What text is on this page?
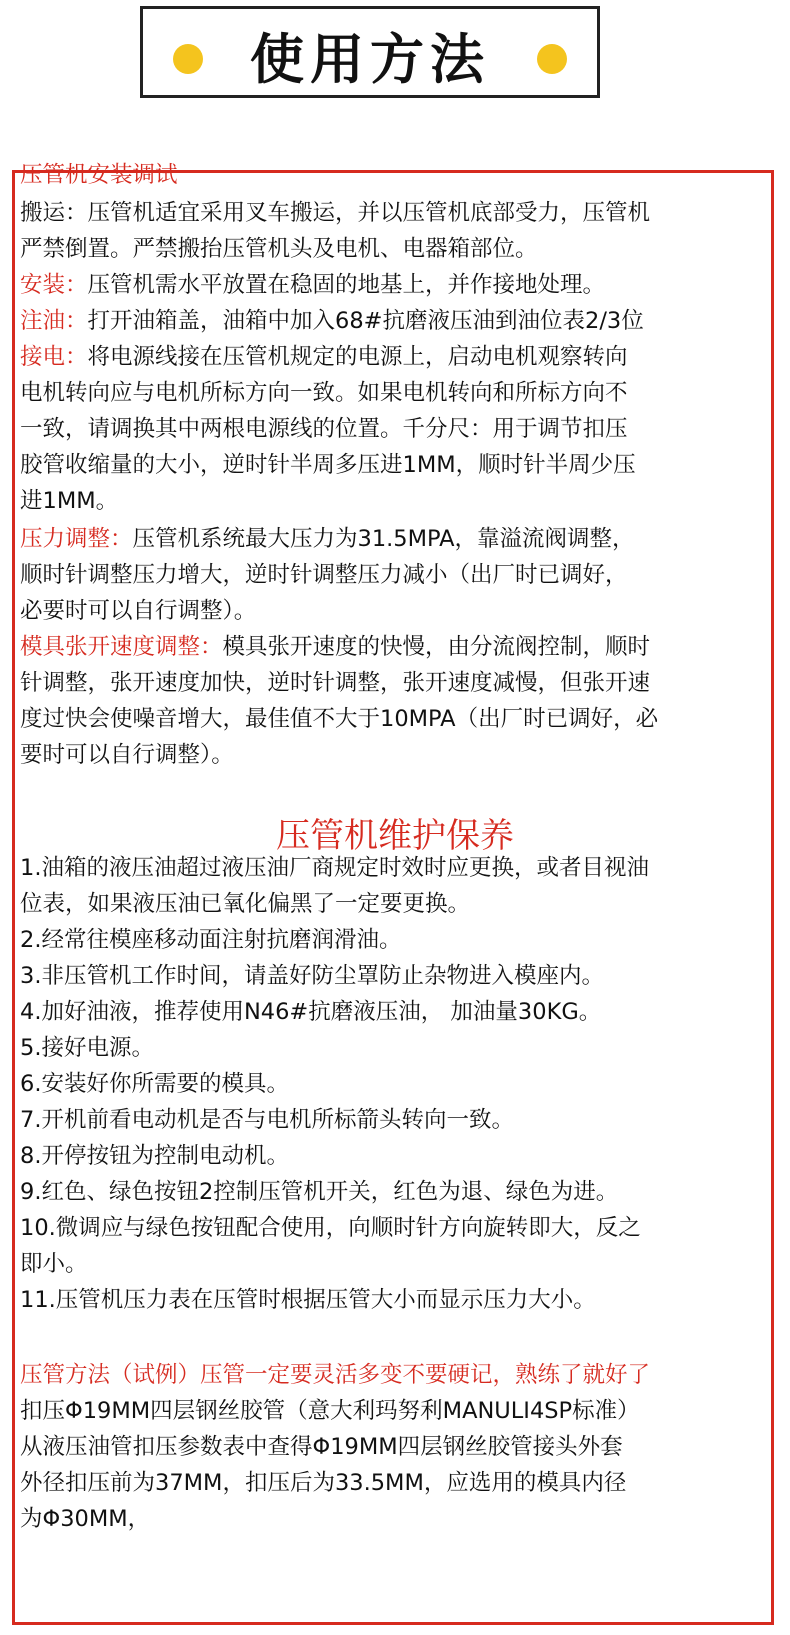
使用方法
压管机安装调试
搬运：压管机适宜采用叉车搬运，并以压管机底部受力，压管机
严禁倒置。严禁搬抬压管机头及电机、电器箱部位。
安装：压管机需水平放置在稳固的地基上，并作接地处理。
注油：打开油箱盖，油箱中加入68#抗磨液压油到油位表2/3位
接电：将电源线接在压管机规定的电源上，启动电机观察转向
电机转向应与电机所标方向一致。如果电机转向和所标方向不
一致，请调换其中两根电源线的位置。千分尺：用于调节扣压
胶管收缩量的大小，逆时针半周多压进1MM，顺时针半周少压
进1MM。
压力调整：压管机系统最大压力为31.5MPA，靠溢流阀调整，
顺时针调整压力增大，逆时针调整压力减小（出厂时已调好，
必要时可以自行调整）。
模具张开速度调整：模具张开速度的快慢，由分流阀控制，顺时
针调整，张开速度加快，逆时针调整，张开速度减慢，但张开速
度过快会使噪音增大，最佳值不大于10MPA（出厂时已调好，必
要时可以自行调整）。
压管机维护保养
1.油箱的液压油超过液压油厂商规定时效时应更换，或者目视油
位表，如果液压油已氧化偏黑了一定要更换。
2.经常往模座移动面注射抗磨润滑油。
3.非压管机工作时间，请盖好防尘罩防止杂物进入模座内。
4.加好油液，推荐使用N46#抗磨液压油， 加油量30KG。
5.接好电源。
6.安装好你所需要的模具。
7.开机前看电动机是否与电机所标箭头转向一致。
8.开停按钮为控制电动机。
9.红色、绿色按钮2控制压管机开关，红色为退、绿色为进。
10.微调应与绿色按钮配合使用，向顺时针方向旋转即大，反之
即小。
11.压管机压力表在压管时根据压管大小而显示压力大小。
压管方法（试例）压管一定要灵活多变不要硬记，熟练了就好了
扣压Φ19MM四层钢丝胶管（意大利玛努利MANULI4SP标准）
从液压油管扣压参数表中查得Φ19MM四层钢丝胶管接头外套
外径扣压前为37MM，扣压后为33.5MM，应选用的模具内径
为Φ30MM，
